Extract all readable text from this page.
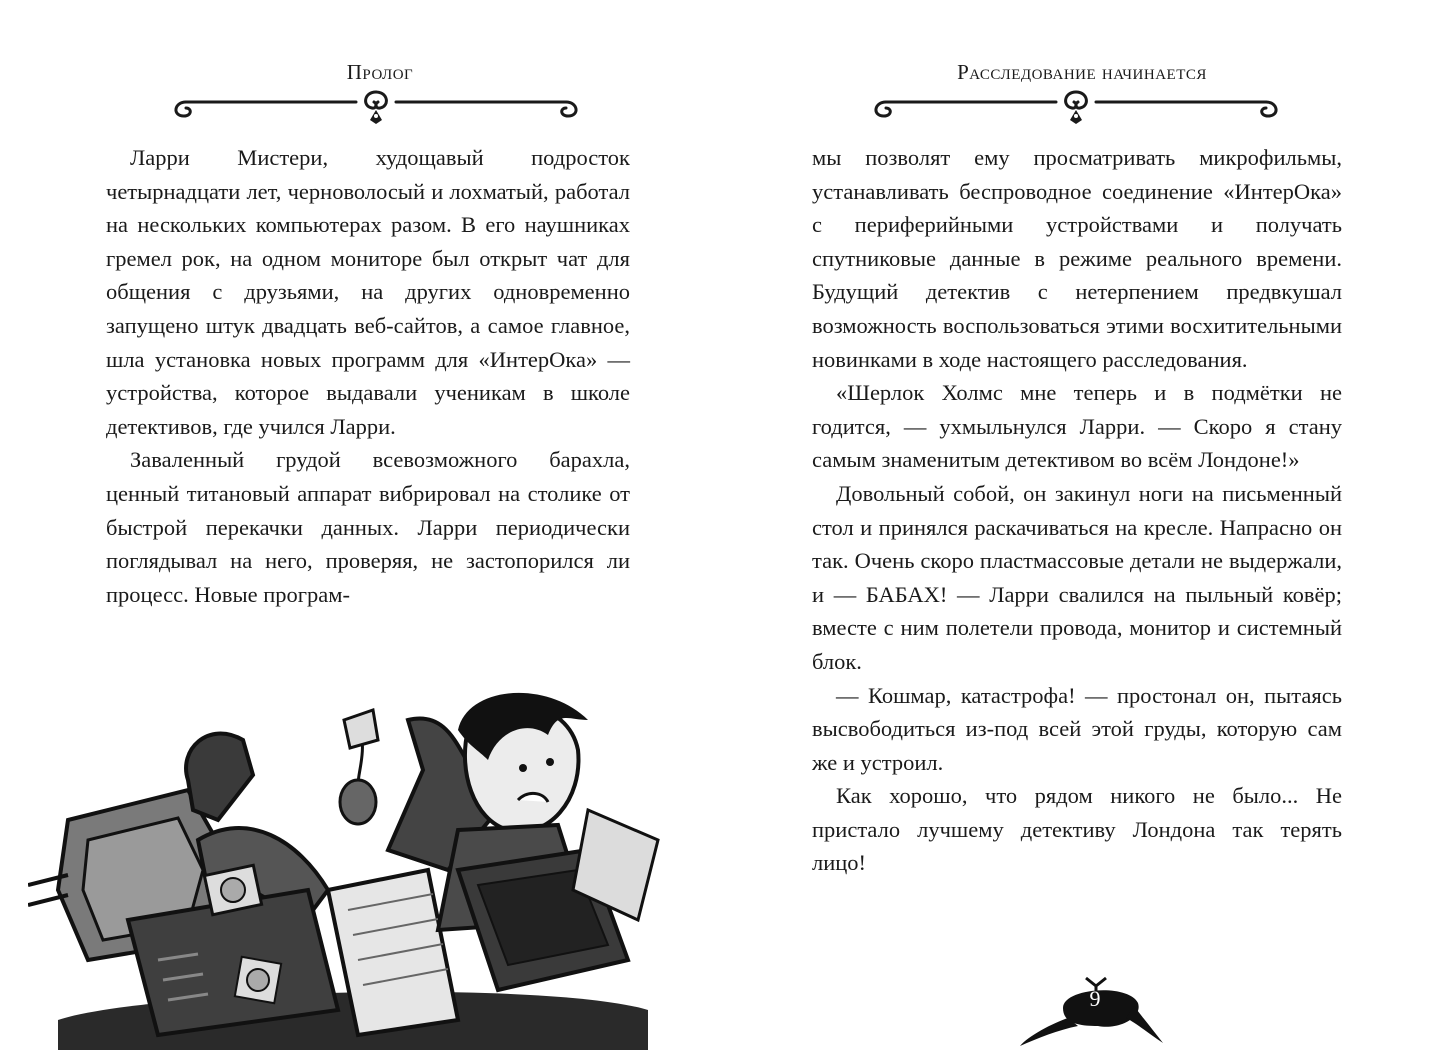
Пролог

Ларри Мистери, худощавый подросток четырнадцати лет, черноволосый и лохматый, работал на нескольких компьютерах разом. В его наушниках гремел рок, на одном мониторе был открыт чат для общения с друзьями, на других одновременно запущено штук двадцать веб-сайтов, а самое главное, шла установка новых программ для «ИнтерОка» — устройства, которое выдавали ученикам в школе детективов, где учился Ларри.

Заваленный грудой всевозможного барахла, ценный титановый аппарат вибрировал на столике от быстрой перекачки данных. Ларри периодически поглядывал на него, проверяя, не застопорился ли процесс. Новые програм-

Расследование начинается

мы позволят ему просматривать микрофильмы, устанавливать беспроводное соединение «ИнтерОка» с периферийными устройствами и получать спутниковые данные в режиме реального времени. Будущий детектив с нетерпением предвкушал возможность воспользоваться этими восхитительными новинками в ходе настоящего расследования.

«Шерлок Холмс мне теперь и в подмётки не годится, — ухмыльнулся Ларри. — Скоро я стану самым знаменитым детективом во всём Лондоне!»

Довольный собой, он закинул ноги на письменный стол и принялся раскачиваться на кресле. Напрасно он так. Очень скоро пластмассовые детали не выдержали, и — БАБАХ! — Ларри свалился на пыльный ковёр; вместе с ним полетели провода, монитор и системный блок.

— Кошмар, катастрофа! — простонал он, пытаясь высвободиться из-под всей этой груды, которую сам же и устроил.

Как хорошо, что рядом никого не было... Не пристало лучшему детективу Лондона так терять лицо!

9
